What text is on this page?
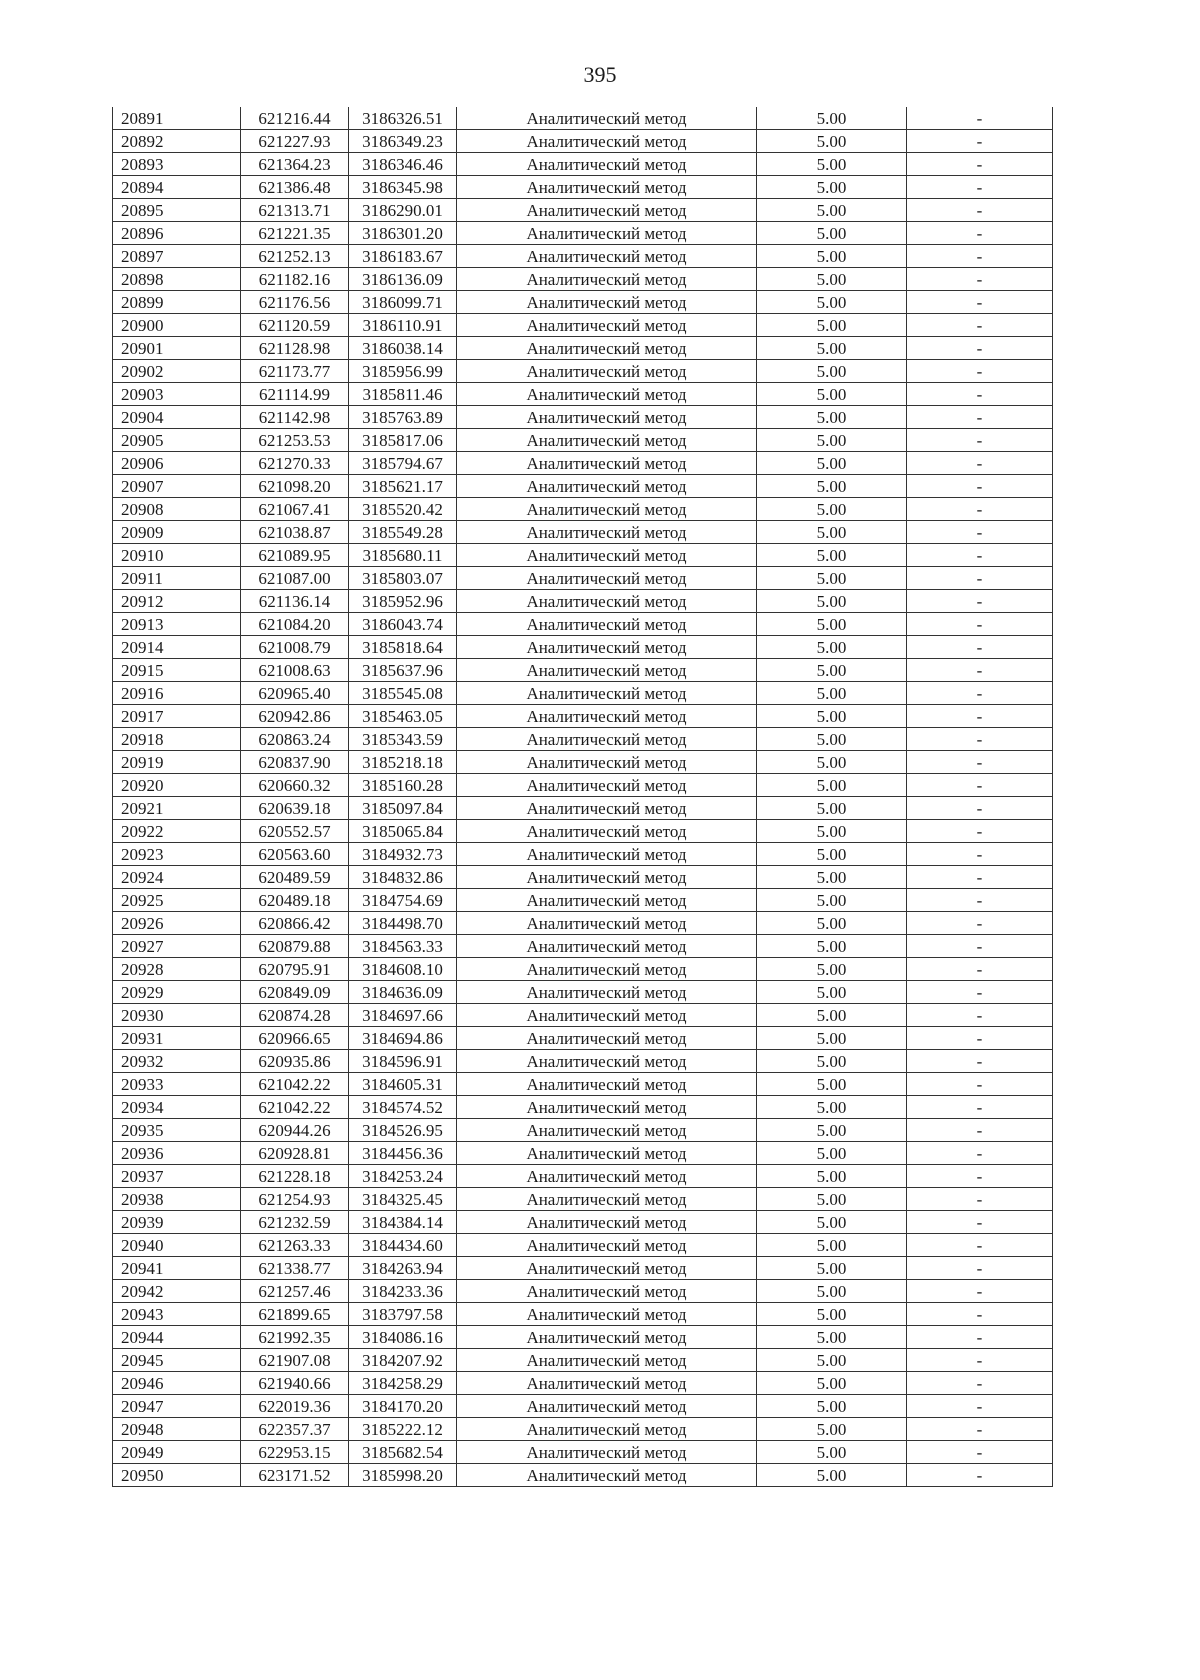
395
20891	621216.44	3186326.51	Аналитический метод	5.00	-
20892	621227.93	3186349.23	Аналитический метод	5.00	-
20893	621364.23	3186346.46	Аналитический метод	5.00	-
20894	621386.48	3186345.98	Аналитический метод	5.00	-
20895	621313.71	3186290.01	Аналитический метод	5.00	-
20896	621221.35	3186301.20	Аналитический метод	5.00	-
20897	621252.13	3186183.67	Аналитический метод	5.00	-
20898	621182.16	3186136.09	Аналитический метод	5.00	-
20899	621176.56	3186099.71	Аналитический метод	5.00	-
20900	621120.59	3186110.91	Аналитический метод	5.00	-
20901	621128.98	3186038.14	Аналитический метод	5.00	-
20902	621173.77	3185956.99	Аналитический метод	5.00	-
20903	621114.99	3185811.46	Аналитический метод	5.00	-
20904	621142.98	3185763.89	Аналитический метод	5.00	-
20905	621253.53	3185817.06	Аналитический метод	5.00	-
20906	621270.33	3185794.67	Аналитический метод	5.00	-
20907	621098.20	3185621.17	Аналитический метод	5.00	-
20908	621067.41	3185520.42	Аналитический метод	5.00	-
20909	621038.87	3185549.28	Аналитический метод	5.00	-
20910	621089.95	3185680.11	Аналитический метод	5.00	-
20911	621087.00	3185803.07	Аналитический метод	5.00	-
20912	621136.14	3185952.96	Аналитический метод	5.00	-
20913	621084.20	3186043.74	Аналитический метод	5.00	-
20914	621008.79	3185818.64	Аналитический метод	5.00	-
20915	621008.63	3185637.96	Аналитический метод	5.00	-
20916	620965.40	3185545.08	Аналитический метод	5.00	-
20917	620942.86	3185463.05	Аналитический метод	5.00	-
20918	620863.24	3185343.59	Аналитический метод	5.00	-
20919	620837.90	3185218.18	Аналитический метод	5.00	-
20920	620660.32	3185160.28	Аналитический метод	5.00	-
20921	620639.18	3185097.84	Аналитический метод	5.00	-
20922	620552.57	3185065.84	Аналитический метод	5.00	-
20923	620563.60	3184932.73	Аналитический метод	5.00	-
20924	620489.59	3184832.86	Аналитический метод	5.00	-
20925	620489.18	3184754.69	Аналитический метод	5.00	-
20926	620866.42	3184498.70	Аналитический метод	5.00	-
20927	620879.88	3184563.33	Аналитический метод	5.00	-
20928	620795.91	3184608.10	Аналитический метод	5.00	-
20929	620849.09	3184636.09	Аналитический метод	5.00	-
20930	620874.28	3184697.66	Аналитический метод	5.00	-
20931	620966.65	3184694.86	Аналитический метод	5.00	-
20932	620935.86	3184596.91	Аналитический метод	5.00	-
20933	621042.22	3184605.31	Аналитический метод	5.00	-
20934	621042.22	3184574.52	Аналитический метод	5.00	-
20935	620944.26	3184526.95	Аналитический метод	5.00	-
20936	620928.81	3184456.36	Аналитический метод	5.00	-
20937	621228.18	3184253.24	Аналитический метод	5.00	-
20938	621254.93	3184325.45	Аналитический метод	5.00	-
20939	621232.59	3184384.14	Аналитический метод	5.00	-
20940	621263.33	3184434.60	Аналитический метод	5.00	-
20941	621338.77	3184263.94	Аналитический метод	5.00	-
20942	621257.46	3184233.36	Аналитический метод	5.00	-
20943	621899.65	3183797.58	Аналитический метод	5.00	-
20944	621992.35	3184086.16	Аналитический метод	5.00	-
20945	621907.08	3184207.92	Аналитический метод	5.00	-
20946	621940.66	3184258.29	Аналитический метод	5.00	-
20947	622019.36	3184170.20	Аналитический метод	5.00	-
20948	622357.37	3185222.12	Аналитический метод	5.00	-
20949	622953.15	3185682.54	Аналитический метод	5.00	-
20950	623171.52	3185998.20	Аналитический метод	5.00	-
